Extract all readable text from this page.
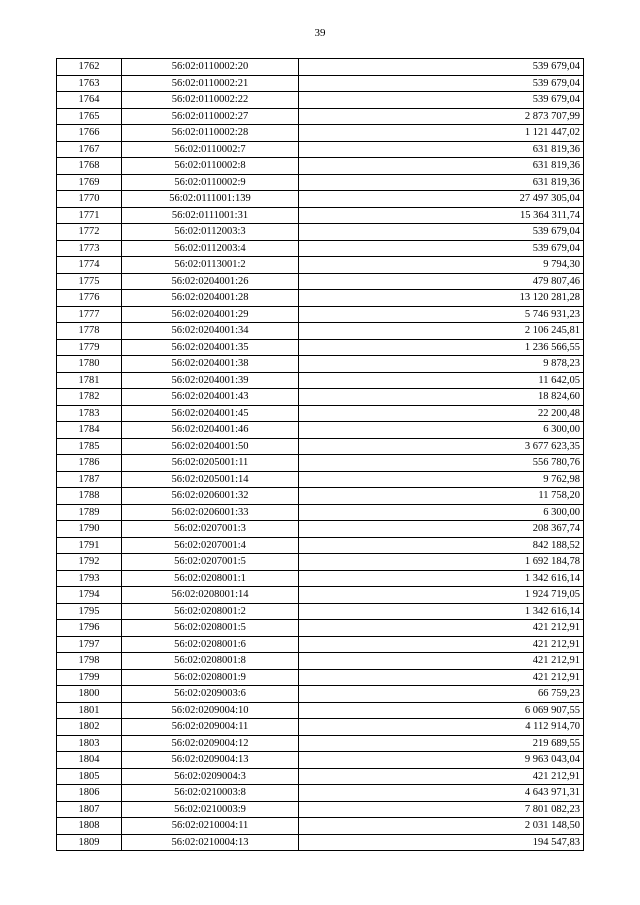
39
1762	56:02:0110002:20	539 679,04
1763	56:02:0110002:21	539 679,04
1764	56:02:0110002:22	539 679,04
1765	56:02:0110002:27	2 873 707,99
1766	56:02:0110002:28	1 121 447,02
1767	56:02:0110002:7	631 819,36
1768	56:02:0110002:8	631 819,36
1769	56:02:0110002:9	631 819,36
1770	56:02:0111001:139	27 497 305,04
1771	56:02:0111001:31	15 364 311,74
1772	56:02:0112003:3	539 679,04
1773	56:02:0112003:4	539 679,04
1774	56:02:0113001:2	9 794,30
1775	56:02:0204001:26	479 807,46
1776	56:02:0204001:28	13 120 281,28
1777	56:02:0204001:29	5 746 931,23
1778	56:02:0204001:34	2 106 245,81
1779	56:02:0204001:35	1 236 566,55
1780	56:02:0204001:38	9 878,23
1781	56:02:0204001:39	11 642,05
1782	56:02:0204001:43	18 824,60
1783	56:02:0204001:45	22 200,48
1784	56:02:0204001:46	6 300,00
1785	56:02:0204001:50	3 677 623,35
1786	56:02:0205001:11	556 780,76
1787	56:02:0205001:14	9 762,98
1788	56:02:0206001:32	11 758,20
1789	56:02:0206001:33	6 300,00
1790	56:02:0207001:3	208 367,74
1791	56:02:0207001:4	842 188,52
1792	56:02:0207001:5	1 692 184,78
1793	56:02:0208001:1	1 342 616,14
1794	56:02:0208001:14	1 924 719,05
1795	56:02:0208001:2	1 342 616,14
1796	56:02:0208001:5	421 212,91
1797	56:02:0208001:6	421 212,91
1798	56:02:0208001:8	421 212,91
1799	56:02:0208001:9	421 212,91
1800	56:02:0209003:6	66 759,23
1801	56:02:0209004:10	6 069 907,55
1802	56:02:0209004:11	4 112 914,70
1803	56:02:0209004:12	219 689,55
1804	56:02:0209004:13	9 963 043,04
1805	56:02:0209004:3	421 212,91
1806	56:02:0210003:8	4 643 971,31
1807	56:02:0210003:9	7 801 082,23
1808	56:02:0210004:11	2 031 148,50
1809	56:02:0210004:13	194 547,83
